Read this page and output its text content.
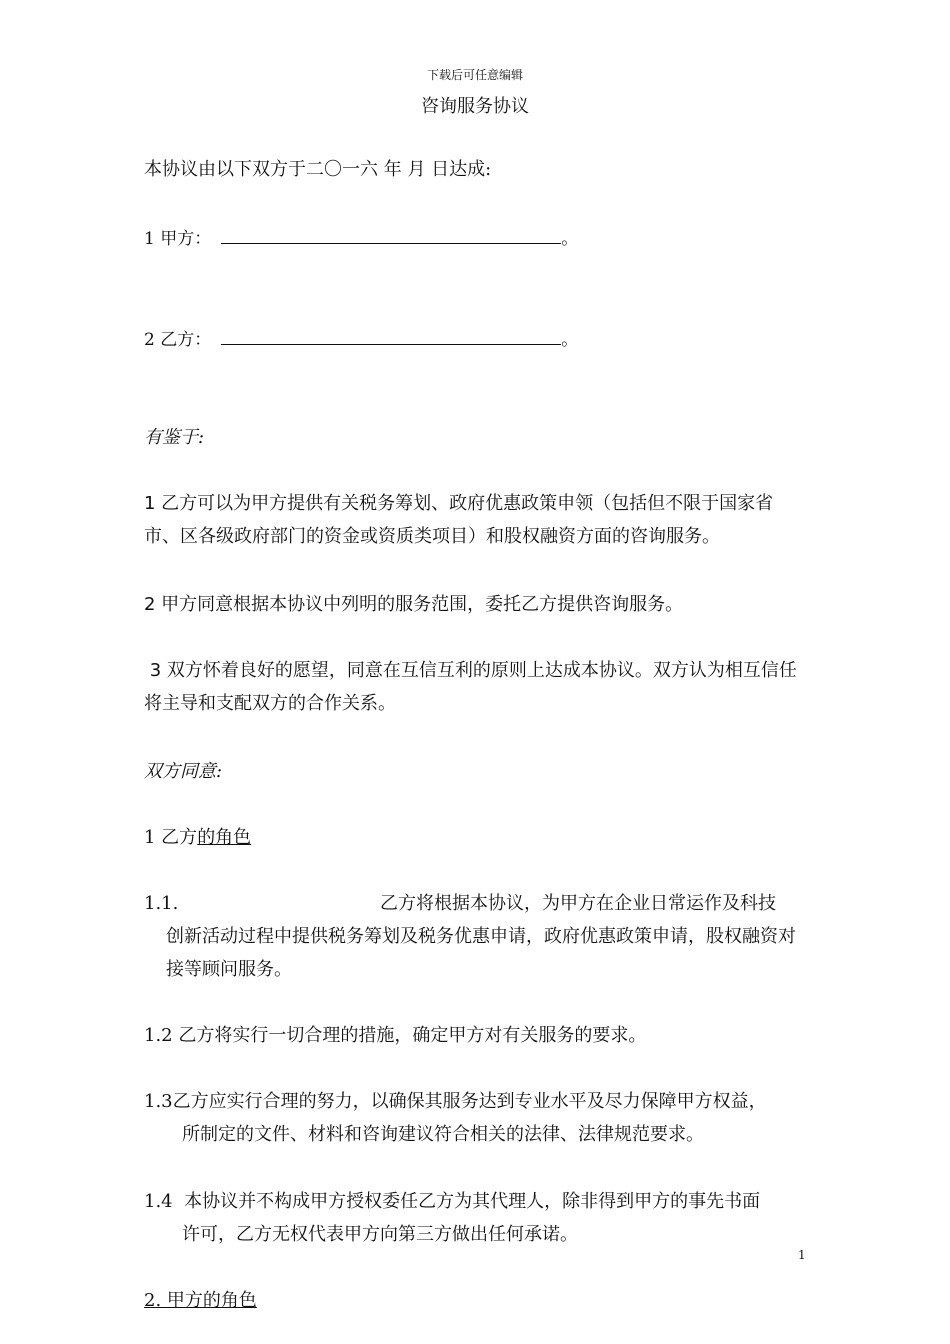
下载后可任意编辑
咨询服务协议
本协议由以下双方于二〇一六 年 月 日达成:
1 甲方：	。
2 乙方：	。
有鉴于:
1 乙方可以为甲方提供有关税务筹划、政府优惠政策申领（包括但不限于国家省市、区各级政府部门的资金或资质类项目）和股权融资方面的咨询服务。
2 甲方同意根据本协议中列明的服务范围，委托乙方提供咨询服务。
3 双方怀着良好的愿望，同意在互信互利的原则上达成本协议。双方认为相互信任将主导和支配双方的合作关系。
双方同意:
1 乙方的角色
1.1.	乙方将根据本协议，为甲方在企业日常运作及科技
创新活动过程中提供税务筹划及税务优惠申请，政府优惠政策申请，股权融资对接等顾问服务。
1.2 乙方将实行一切合理的措施，确定甲方对有关服务的要求。
1.3乙方应实行合理的努力，以确保其服务达到专业水平及尽力保障甲方权益，
所制定的文件、材料和咨询建议符合相关的法律、法律规范要求。
1.4 本协议并不构成甲方授权委任乙方为其代理人，除非得到甲方的事先书面
许可，乙方无权代表甲方向第三方做出任何承诺。
1
2. 甲方的角色
